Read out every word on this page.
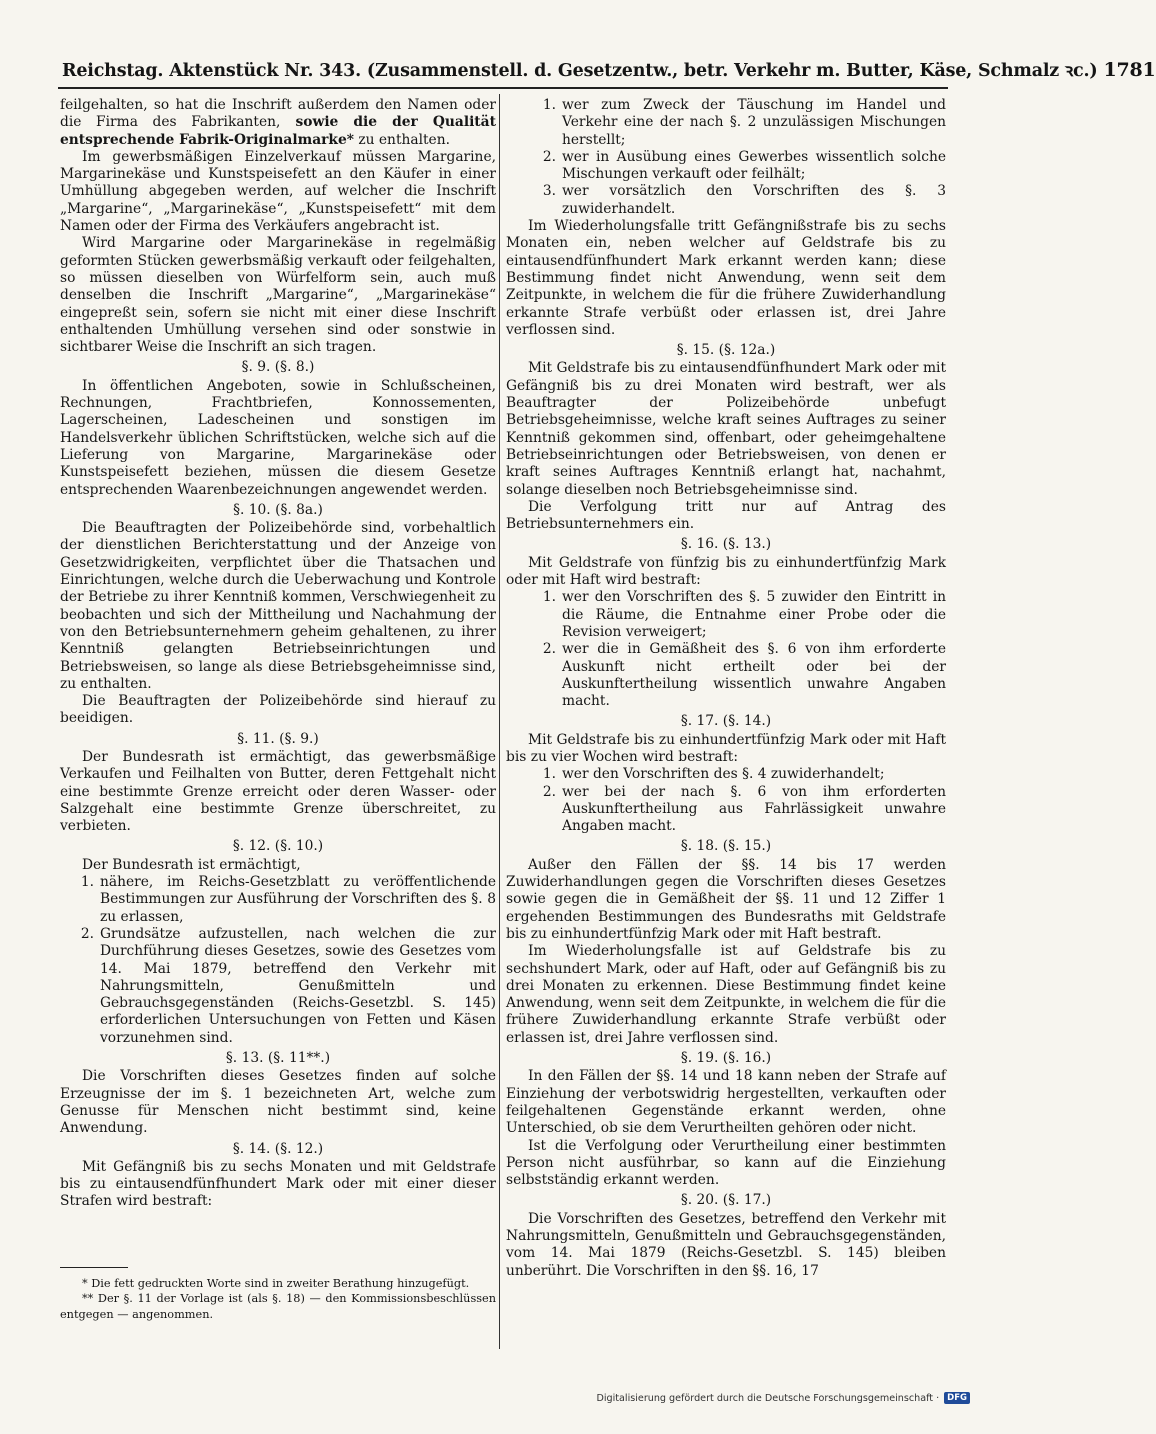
Reichstag. Aktenstück Nr. 343. (Zusammenstell. d. Gesetzentw., betr. Verkehr m. Butter, Käse, Schmalz ꝛc.) 1781

feilgehalten, so hat die Inschrift außerdem den Namen oder die Firma des Fabrikanten, sowie die der Qualität entsprechende Fabrik-Originalmarke* zu enthalten.

Im gewerbsmäßigen Einzelverkauf müssen Margarine, Margarinekäse und Kunstspeisefett an den Käufer in einer Umhüllung abgegeben werden, auf welcher die Inschrift „Margarine“, „Margarinekäse“, „Kunstspeisefett“ mit dem Namen oder der Firma des Verkäufers angebracht ist.

Wird Margarine oder Margarinekäse in regelmäßig geformten Stücken gewerbsmäßig verkauft oder feilgehalten, so müssen dieselben von Würfelform sein, auch muß denselben die Inschrift „Margarine“, „Margarinekäse“ eingepreßt sein, sofern sie nicht mit einer diese Inschrift enthaltenden Umhüllung versehen sind oder sonstwie in sichtbarer Weise die Inschrift an sich tragen.

§. 9. (§. 8.)

In öffentlichen Angeboten, sowie in Schlußscheinen, Rechnungen, Frachtbriefen, Konnossementen, Lagerscheinen, Ladescheinen und sonstigen im Handelsverkehr üblichen Schriftstücken, welche sich auf die Lieferung von Margarine, Margarinekäse oder Kunstspeisefett beziehen, müssen die diesem Gesetze entsprechenden Waarenbezeichnungen angewendet werden.

§. 10. (§. 8a.)

Die Beauftragten der Polizeibehörde sind, vorbehaltlich der dienstlichen Berichterstattung und der Anzeige von Gesetzwidrigkeiten, verpflichtet über die Thatsachen und Einrichtungen, welche durch die Ueberwachung und Kontrole der Betriebe zu ihrer Kenntniß kommen, Verschwiegenheit zu beobachten und sich der Mittheilung und Nachahmung der von den Betriebsunternehmern geheim gehaltenen, zu ihrer Kenntniß gelangten Betriebseinrichtungen und Betriebsweisen, so lange als diese Betriebsgeheimnisse sind, zu enthalten.

Die Beauftragten der Polizeibehörde sind hierauf zu beeidigen.

§. 11. (§. 9.)

Der Bundesrath ist ermächtigt, das gewerbsmäßige Verkaufen und Feilhalten von Butter, deren Fettgehalt nicht eine bestimmte Grenze erreicht oder deren Wasser- oder Salzgehalt eine bestimmte Grenze überschreitet, zu verbieten.

§. 12. (§. 10.)

Der Bundesrath ist ermächtigt,

1. nähere, im Reichs-Gesetzblatt zu veröffentlichende Bestimmungen zur Ausführung der Vorschriften des §. 8 zu erlassen,
2. Grundsätze aufzustellen, nach welchen die zur Durchführung dieses Gesetzes, sowie des Gesetzes vom 14. Mai 1879, betreffend den Verkehr mit Nahrungsmitteln, Genußmitteln und Gebrauchsgegenständen (Reichs-Gesetzbl. S. 145) erforderlichen Untersuchungen von Fetten und Käsen vorzunehmen sind.
§. 13. (§. 11**.)

Die Vorschriften dieses Gesetzes finden auf solche Erzeugnisse der im §. 1 bezeichneten Art, welche zum Genusse für Menschen nicht bestimmt sind, keine Anwendung.

§. 14. (§. 12.)

Mit Gefängniß bis zu sechs Monaten und mit Geldstrafe bis zu eintausendfünfhundert Mark oder mit einer dieser Strafen wird bestraft:

* Die fett gedruckten Worte sind in zweiter Berathung hinzugefügt.

** Der §. 11 der Vorlage ist (als §. 18) — den Kommissionsbeschlüssen entgegen — angenommen.

1. wer zum Zweck der Täuschung im Handel und Verkehr eine der nach §. 2 unzulässigen Mischungen herstellt;
2. wer in Ausübung eines Gewerbes wissentlich solche Mischungen verkauft oder feilhält;
3. wer vorsätzlich den Vorschriften des §. 3 zuwiderhandelt.

Im Wiederholungsfalle tritt Gefängnißstrafe bis zu sechs Monaten ein, neben welcher auf Geldstrafe bis zu eintausendfünfhundert Mark erkannt werden kann; diese Bestimmung findet nicht Anwendung, wenn seit dem Zeitpunkte, in welchem die für die frühere Zuwiderhandlung erkannte Strafe verbüßt oder erlassen ist, drei Jahre verflossen sind.

§. 15. (§. 12a.)

Mit Geldstrafe bis zu eintausendfünfhundert Mark oder mit Gefängniß bis zu drei Monaten wird bestraft, wer als Beauftragter der Polizeibehörde unbefugt Betriebsgeheimnisse, welche kraft seines Auftrages zu seiner Kenntniß gekommen sind, offenbart, oder geheimgehaltene Betriebseinrichtungen oder Betriebsweisen, von denen er kraft seines Auftrages Kenntniß erlangt hat, nachahmt, solange dieselben noch Betriebsgeheimnisse sind.

Die Verfolgung tritt nur auf Antrag des Betriebsunternehmers ein.

§. 16. (§. 13.)

Mit Geldstrafe von fünfzig bis zu einhundertfünfzig Mark oder mit Haft wird bestraft:

1. wer den Vorschriften des §. 5 zuwider den Eintritt in die Räume, die Entnahme einer Probe oder die Revision verweigert;
2. wer die in Gemäßheit des §. 6 von ihm erforderte Auskunft nicht ertheilt oder bei der Auskunftertheilung wissentlich unwahre Angaben macht.
§. 17. (§. 14.)

Mit Geldstrafe bis zu einhundertfünfzig Mark oder mit Haft bis zu vier Wochen wird bestraft:

1. wer den Vorschriften des §. 4 zuwiderhandelt;
2. wer bei der nach §. 6 von ihm erforderten Auskunftertheilung aus Fahrlässigkeit unwahre Angaben macht.
§. 18. (§. 15.)

Außer den Fällen der §§. 14 bis 17 werden Zuwiderhandlungen gegen die Vorschriften dieses Gesetzes sowie gegen die in Gemäßheit der §§. 11 und 12 Ziffer 1 ergehenden Bestimmungen des Bundesraths mit Geldstrafe bis zu einhundertfünfzig Mark oder mit Haft bestraft.

Im Wiederholungsfalle ist auf Geldstrafe bis zu sechshundert Mark, oder auf Haft, oder auf Gefängniß bis zu drei Monaten zu erkennen. Diese Bestimmung findet keine Anwendung, wenn seit dem Zeitpunkte, in welchem die für die frühere Zuwiderhandlung erkannte Strafe verbüßt oder erlassen ist, drei Jahre verflossen sind.

§. 19. (§. 16.)

In den Fällen der §§. 14 und 18 kann neben der Strafe auf Einziehung der verbotswidrig hergestellten, verkauften oder feilgehaltenen Gegenstände erkannt werden, ohne Unterschied, ob sie dem Verurtheilten gehören oder nicht.

Ist die Verfolgung oder Verurtheilung einer bestimmten Person nicht ausführbar, so kann auf die Einziehung selbstständig erkannt werden.

§. 20. (§. 17.)

Die Vorschriften des Gesetzes, betreffend den Verkehr mit Nahrungsmitteln, Genußmitteln und Gebrauchsgegenständen, vom 14. Mai 1879 (Reichs-Gesetzbl. S. 145) bleiben unberührt. Die Vorschriften in den §§. 16, 17

Digitalisierung gefördert durch die Deutsche Forschungsgemeinschaft · DFG
